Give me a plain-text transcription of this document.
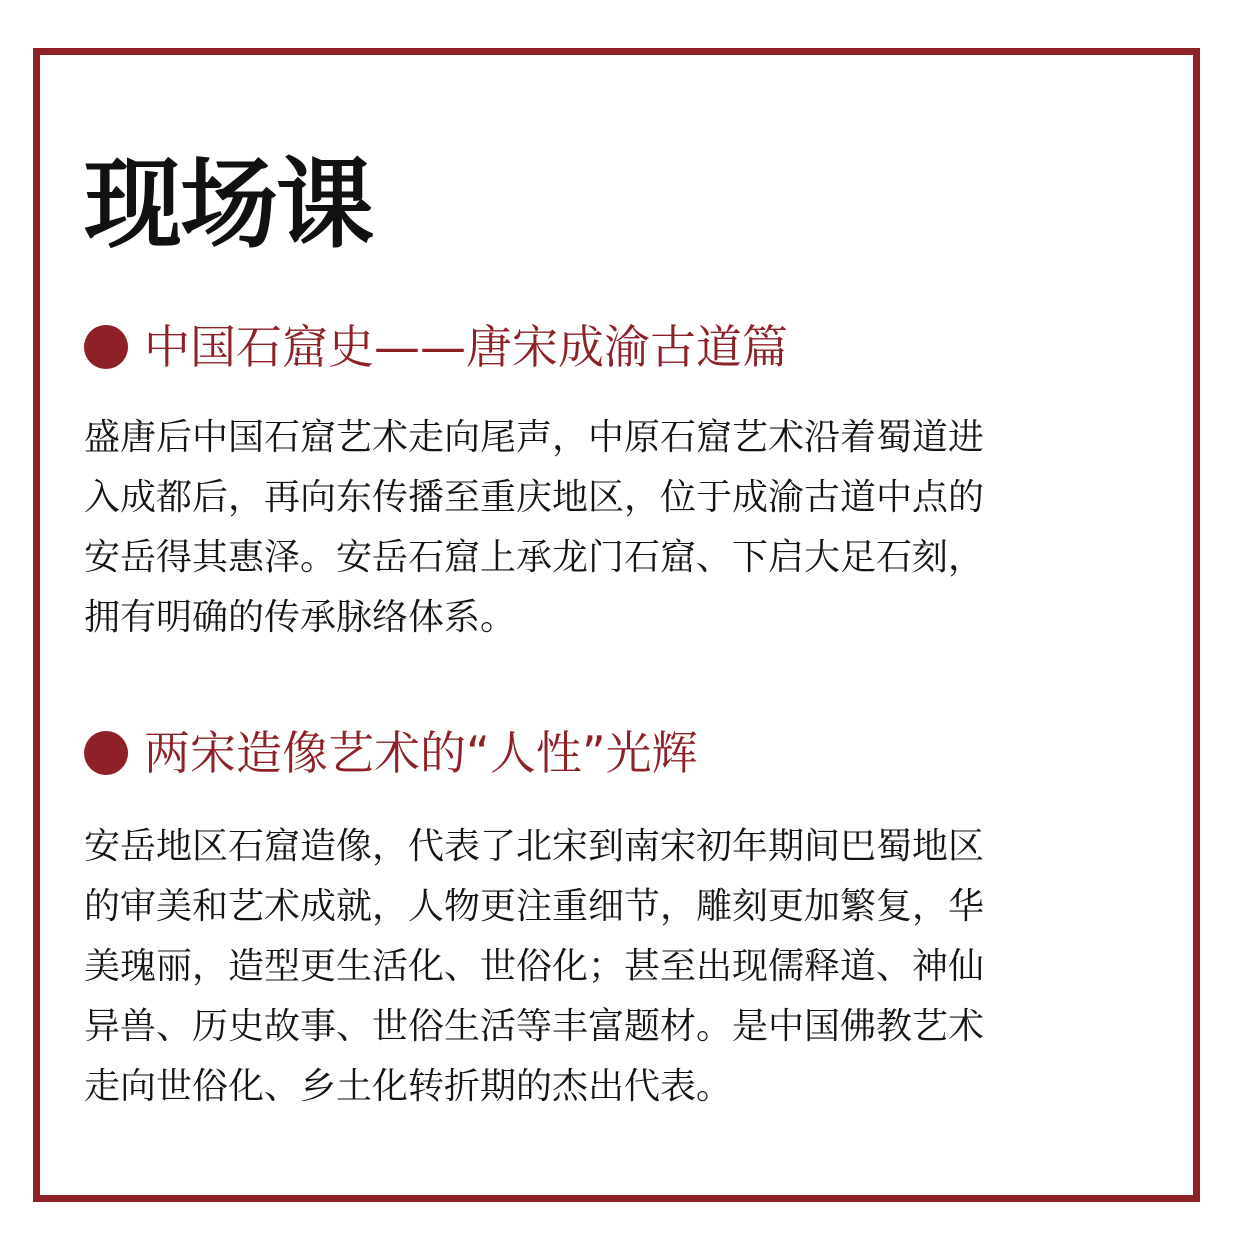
现场课
中国石窟史——唐宋成渝古道篇

盛唐后中国石窟艺术走向尾声，中原石窟艺术沿着蜀道进
入成都后，再向东传播至重庆地区，位于成渝古道中点的
安岳得其惠泽。安岳石窟上承龙门石窟、下启大足石刻，
拥有明确的传承脉络体系。

两宋造像艺术的“人性”光辉

安岳地区石窟造像，代表了北宋到南宋初年期间巴蜀地区
的审美和艺术成就，人物更注重细节，雕刻更加繁复，华
美瑰丽，造型更生活化、世俗化；甚至出现儒释道、神仙
异兽、历史故事、世俗生活等丰富题材。是中国佛教艺术
走向世俗化、乡土化转折期的杰出代表。
